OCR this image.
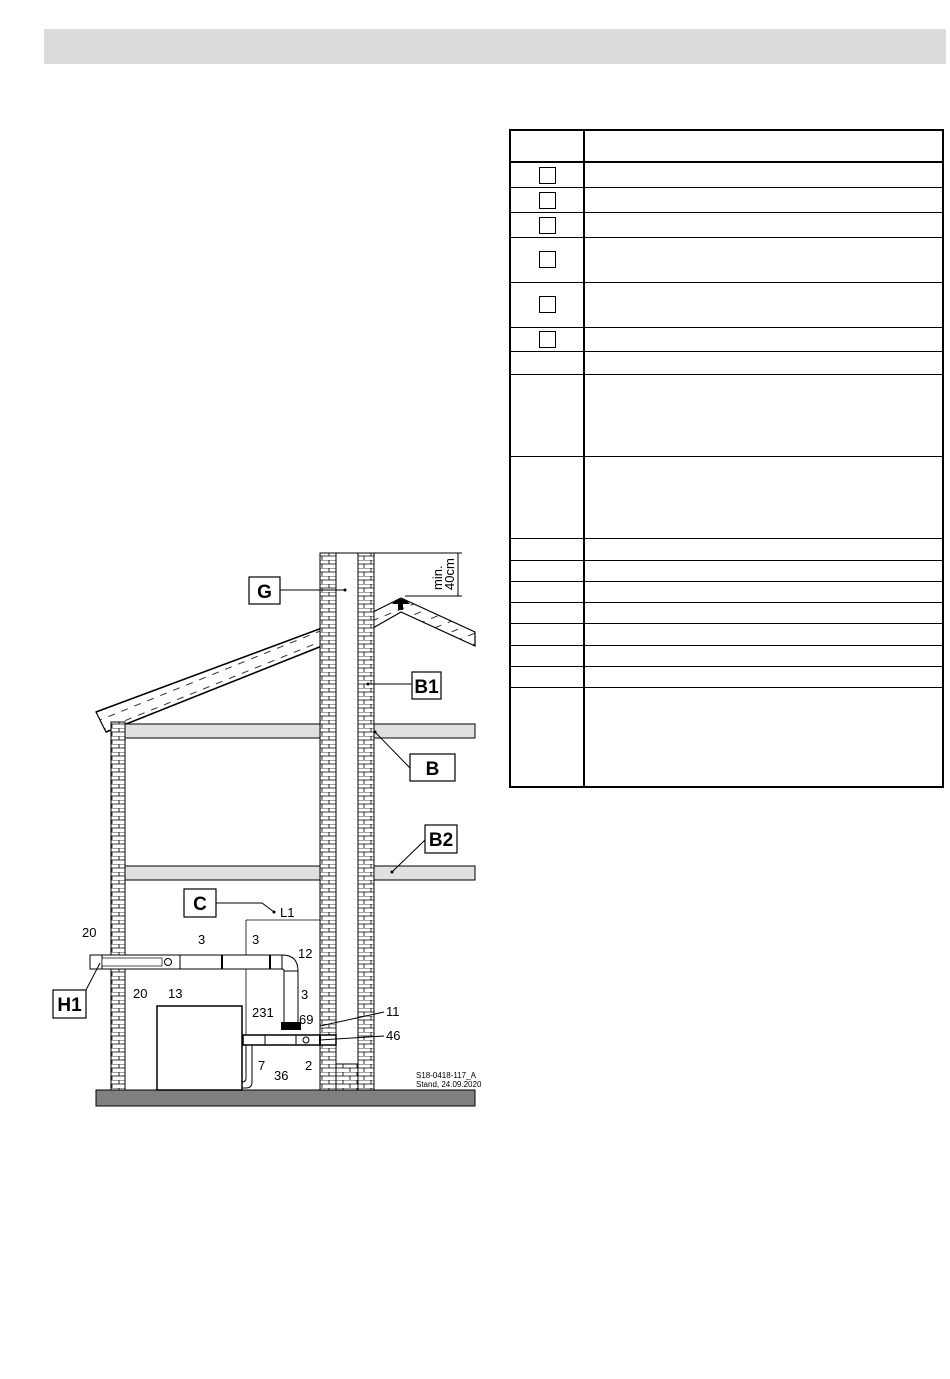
min. 40cm
G
B1
B
B2
C
H1
L1
20
20 13
3	3
12
3
11
69
231
46
7
36
2
S18-0418-117_A
Stand, 24.09.2020
